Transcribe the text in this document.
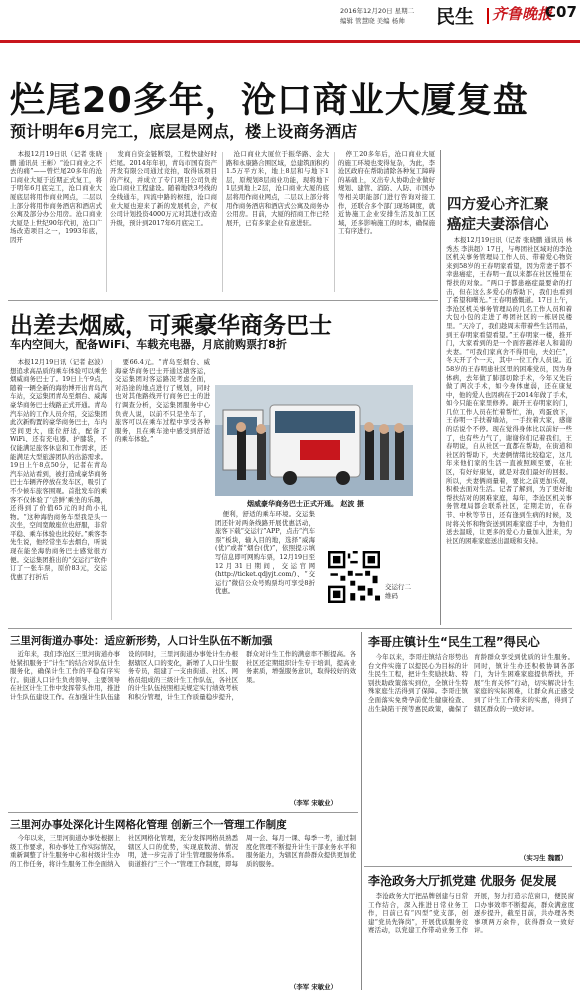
2016年12月20日 星期二
编辑 管慧晓 美编 杨帅 民生 齐鲁晚报
C07
烂尾20多年，沧口商业大厦复盘
预计明年6月完工，底层是网点，楼上设商务酒店

本报12月19日讯（记者 张晓鹏 通讯员 王彬）“沧口商业之不去的痛”——曾烂尾20多年的沧口商业大厦于近期正式复工，将于明年6月底完工，沧口商业大厦底层将用作商业网点，二层以上部分将用作商务酒店和酒店式公寓及部分办公用房。沧口商业大厦是上世纪90年代初，沧口广场改造项目之一，1993年底，因开

发商自资金链断裂，工程快建好时烂尾。2014年年初，青岛市国有资产开发有限公司通过竞拍，取得该项目的产权，并成立了专门项目公司负责沧口商业工程建设。随着地铁3号线的全线通车，四流中路的枢纽，沧口商业大厦也迎来了新的发展机会，产权公司计划投资4000万元对其进行改造升级，预计到2017年6月底完工。

沧口商业大厦位于振华路、金大路和永康路合围区域，总建筑面积约1.5万平方米，地上8层和与地下1层，原规划8层商业功能，现将地下1层到地上2层，沧口商业大厦的底层将用作商业网点，二层以上部分将用作商务酒店和酒店式公寓及商务办公用房。目前，大厦的招商工作已经展开，已有多家企业有意进驻。

停工20多年后，沧口商业大厦的施工环境也变得复杂，为此，李沧区政府在帮助清除各种复工障碍的基础上，又出专人协助企业做好规划、建管、消防、人防、市国办等相关职能部门进行咨询对接工作，还联合多个部门现场调度，就近协施工企业安排生活及加工区域，还多影响施工的时本，确保施工有序进行。

四方爱心齐汇聚
癌症夫妻添信心

本报12月19日讯（记者 张晓鹏 通讯员 林秀杰 李洪超）17日，与粤团社区域对的李沧区机关事务管理局工作人员、带着爱心物资来到58岁的王春明家看望，因为常妻子都不幸患癌症，王春明一直以来都在社区慢里在帮扶的对象。“两口子都患癌症最要命的打击，但在这么多爱心的帮助下，我们也看到了希望和曙光。”王春明感慨道。17日上午，李沧区机关事务管理局的几名工作人员和着大包小包的走进了粤团社区的一栋居民楼里。“天冷了，我们趁周末带着些生活用品，到王春明家看望看望。”王春明家一楼，推开门，大家看到的是一个面容慈祥老人和蔼的夫妻。“可我们家真舍不得用电，夫妇仨”，冬天开了个一天，其中一位工作人员说。近58岁的王春明患社区里的困难党员，因为身体病，去年做了肺部切除手术，今年又先后做了两次手术，如今身体虚弱，还在康复中，他的爱人也因病在于2014年做了手术，如今只能在家里修养。敲开王春明家的门，几位工作人员在忙着帮忙，油，鸡蛋放下，王春明一手扶着墙站，一手拉着大家，感谢的话说个不停。现在觉得身体比以前好一些了，也有些力气了，谢谢你们记着我们，王春明说，自从社区一直都在帮助，在街道和社区的帮助下，夫妻俩情绪比较稳定，这几年来他们家的生活一直被照顾至要，在社区，有好好康复，就是对我们最好的回报。所以，夫妻俩商量着，要比之前更加乐观，积极去面对生活。记者了解到，为了更好地帮扶结对的困难家庭，每年，李沧区机关事务管理局都会联系社区，定期走访，在春节、中秋等节日，还有逢到生病的时候，及时将关怀和物资送到困难家庭手中，为他们送去温暖，让更多的爱心力量加入进来，为社区的困难家庭送出温暖和支持。

出差去烟威，可乘豪华商务巴士
车内空间大，配备WiFi、车载充电器，月底前购票打8折

本报12月19日讯（记者 赵波）想追求高品质的乘车体验可以乘坐烟威商务巴士了。19日上午9点，随着一辆全新的海豹博开出青岛汽车站，交运集团青岛至烟台、威海豪华商务巴士线路正式开通。青岛汽车站的工作人员介绍，交运集团此次新购置的豪华商务巴士，车内空间更大，座位舒适，配备了WiFi、还有充电器、护膝袋，不仅能满足旅客休息和工作需求，还能满足大型旅游团队的出游需求。19日上午8点50分，记者在青岛汽车站站看到，被打造成豪华商务巴士车辆齐停放在发车区，吸引了不少候车旅客围观。首批发车的乘客不仅体验了‘尝鲜’乘坐的乐趣，还得到了价值65元的时尚小礼物。“这种海豹商务车型我是头一次坐，空间宽敞座位也舒服，非常平稳、乘车体验也比较好。”乘客李先生说，他经常坐车去烟台，听说现在能坐海豹商务巴士感觉很方便。交运集团推出的“交运行”软件订了一张车票，原价83元，交运优惠了打折后

要66.4元。“青岛至烟台、威海豪华商务巴士开通这趟客运，交运集团对客运路况考虑全面，对沿途的地点进行了规划，同时也对其他路线开行商务巴士的进行调查分析，交运集团服务中心负责人说，以前不只是坐车了，旅客可以在乘车过程中享受各种服务，且在乘车途中感受到舒适的乘车体验。”

烟威豪华商务巴士正式开通。 赵波 摄

便利，舒适的乘车环境。交运集团还针对两条线路开展优惠活动，旅客下载“交运行”APP，点击“汽车票”板块，输入目的地，选择“威海(优)”或者“烟台(优)”，依照提示填写信息即可网购车票，12月19日至12月31日期间，交运官网(http://ticket.qdjyjt.com/)、“交运行”微信公众号购票均可享受8折优惠。

交运行二维码
三里河街道办事处：适应新形势，人口计生队伍不断加强

近年来，我们李沧区三里河街道办事处紧扣服务于“计生”的结合对队伍计生服务化，确保计生工作的平稳有序实行。街道人口计生负责领导、主要领导在社区计生工作中发挥带头作用，推进计生队伍建设工作。在加强计生队伍建设的同时，三里河街道办事处计生办根据辖区人口的变化，新增了人口计生服务专员，组建了一支由街道、社区、网格员组成的三级计生工作队伍，各社区的计生队伍按照相关规定实行绩效考核和积分管理，计生工作质量稳步提升，群众对计生工作的满意率不断提高。各社区还定期组织计生专干培训，提高业务素质，增强服务意识，取得较好的效果。

（李军 宋敏业）
李哥庄镇计生“民生工程”得民心

今年以来，李哥庄镇结合形势出台文件实施了以提民心为目标的计生民生工程，把计生奖励扶助、特别扶助政策落实到位，全镇计生特殊家庭生活得到了保障。李哥庄镇全面落实免费孕前优生健康检查、出生缺陷干预等惠民政策，确保了育龄群众享受到优质的计生服务。同时，镇计生办还积极协调各部门，为计生困难家庭提供帮扶，开展“生育关怀”行动，切实解决计生家庭的实际困难，让群众真正感受到了计生工作带来的实惠，得到了辖区群众的一致好评。

（实习生 魏霞）
三里河办事处深化计生网格化管理 创新三个一管理工作制度

今年以来，三里河街道办事处根据上级工作要求，和办事处工作实际情况，重新调整了计生服务中心和村级计生办的工作任务，将计生服务工作全面纳入社区网格化管理，充分发挥网格员熟悉辖区人口的优势，实现底数清、情况明，进一步完善了计生管理服务体系。街道推行“三个一”管理工作制度，即每周一会、每月一课、每季一考，通过制度化管理不断提升计生干部业务水平和服务能力，为辖区育龄群众提供更加优质的服务。

（李军 宋敏业）
李沧政务大厅抓党建 优服务 促发展

李沧政务大厅把品牌创建与日常工作结合，深入推进日常业务工作，目前已有“四型”党支部，创建“党员先锋岗”，开展优质服务竞赛活动，以党建工作带动业务工作开展，努力打造示范窗口，便民窗口办事效率不断提高，群众满意度逐步提升，截至目前，共办理各类事项两万余件，获得群众一致好评。
